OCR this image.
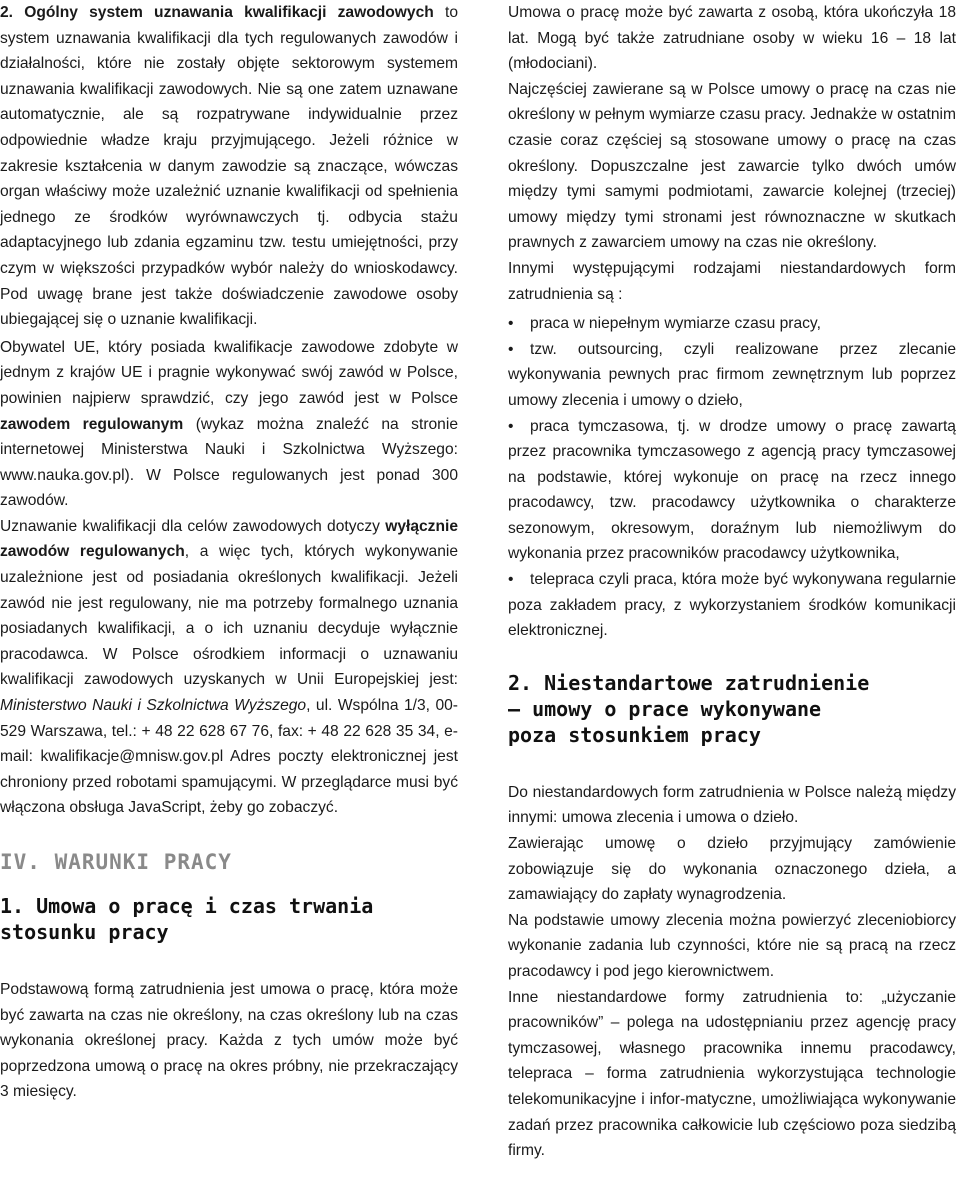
2. Ogólny system uznawania kwalifikacji zawodowych to system uznawania kwalifikacji dla tych regulowanych zawodów i działalności, które nie zostały objęte sektorowym systemem uznawania kwalifikacji zawodowych. Nie są one zatem uznawane automatycznie, ale są rozpatrywane indywidualnie przez odpowiednie władze kraju przyjmującego. Jeżeli różnice w zakresie kształcenia w danym zawodzie są znaczące, wówczas organ właściwy może uzależnić uznanie kwalifikacji od spełnienia jednego ze środków wyrównawczych tj. odbycia stażu adaptacyjnego lub zdania egzaminu tzw. testu umiejętności, przy czym w większości przypadków wybór należy do wnioskodawcy. Pod uwagę brane jest także doświadczenie zawodowe osoby ubiegającej się o uznanie kwalifikacji.

Obywatel UE, który posiada kwalifikacje zawodowe zdobyte w jednym z krajów UE i pragnie wykonywać swój zawód w Polsce, powinien najpierw sprawdzić, czy jego zawód jest w Polsce zawodem regulowanym (wykaz można znaleźć na stronie internetowej Ministerstwa Nauki i Szkolnictwa Wyższego: www.nauka.gov.pl). W Polsce regulowanych jest ponad 300 zawodów.

Uznawanie kwalifikacji dla celów zawodowych dotyczy wyłącznie zawodów regulowanych, a więc tych, których wykonywanie uzależnione jest od posiadania określonych kwalifikacji. Jeżeli zawód nie jest regulowany, nie ma potrzeby formalnego uznania posiadanych kwalifikacji, a o ich uznaniu decyduje wyłącznie pracodawca. W Polsce ośrodkiem informacji o uznawaniu kwalifikacji zawodowych uzyskanych w Unii Europejskiej jest: Ministerstwo Nauki i Szkolnictwa Wyższego, ul. Wspólna 1/3, 00-529 Warszawa, tel.: + 48 22 628 67 76, fax: + 48 22 628 35 34, e-mail: kwalifikacje@mnisw.gov.pl Adres poczty elektronicznej jest chroniony przed robotami spamującymi. W przeglądarce musi być włączona obsługa JavaScript, żeby go zobaczyć.

IV. WARUNKI PRACY
1. Umowa o pracę i czas trwania
stosunku pracy

Podstawową formą zatrudnienia jest umowa o pracę, która może być zawarta na czas nie określony, na czas określony lub na czas wykonania określonej pracy. Każda z tych umów może być poprzedzona umową o pracę na okres próbny, nie przekraczający 3 miesięcy.

Umowa o pracę może być zawarta z osobą, która ukończyła 18 lat. Mogą być także zatrudniane osoby w wieku 16 – 18 lat (młodociani).

Najczęściej zawierane są w Polsce umowy o pracę na czas nie określony w pełnym wymiarze czasu pracy. Jednakże w ostatnim czasie coraz częściej są stosowane umowy o pracę na czas określony. Dopuszczalne jest zawarcie tylko dwóch umów między tymi samymi podmiotami, zawarcie kolejnej (trzeciej) umowy między tymi stronami jest równoznaczne w skutkach prawnych z zawarciem umowy na czas nie określony.

Innymi występującymi rodzajami niestandardowych form zatrudnienia są :

• praca w niepełnym wymiarze czasu pracy,

• tzw. outsourcing, czyli realizowane przez zlecanie wykonywania pewnych prac firmom zewnętrznym lub poprzez umowy zlecenia i umowy o dzieło,

• praca tymczasowa, tj. w drodze umowy o pracę zawartą przez pracownika tymczasowego z agencją pracy tymczasowej na podstawie, której wykonuje on pracę na rzecz innego pracodawcy, tzw. pracodawcy użytkownika o charakterze sezonowym, okresowym, doraźnym lub niemożliwym do wykonania przez pracowników pracodawcy użytkownika,

• telepraca czyli praca, która może być wykonywana regularnie poza zakładem pracy, z wykorzystaniem środków komunikacji elektronicznej.

2. Niestandartowe zatrudnienie
– umowy o prace wykonywane
poza stosunkiem pracy

Do niestandardowych form zatrudnienia w Polsce należą między innymi: umowa zlecenia i umowa o dzieło.

Zawierając umowę o dzieło przyjmujący zamówienie zobowiązuje się do wykonania oznaczonego dzieła, a zamawiający do zapłaty wynagrodzenia.

Na podstawie umowy zlecenia można powierzyć zleceniobiorcy wykonanie zadania lub czynności, które nie są pracą na rzecz pracodawcy i pod jego kierownictwem.

Inne niestandardowe formy zatrudnienia to: „użyczanie pracowników” – polega na udostępnianiu przez agencję pracy tymczasowej, własnego pracownika innemu pracodawcy, telepraca – forma zatrudnienia wykorzystująca technologie telekomunikacyjne i infor-matyczne, umożliwiająca wykonywanie zadań przez pracownika całkowicie lub częściowo poza siedzibą firmy.
